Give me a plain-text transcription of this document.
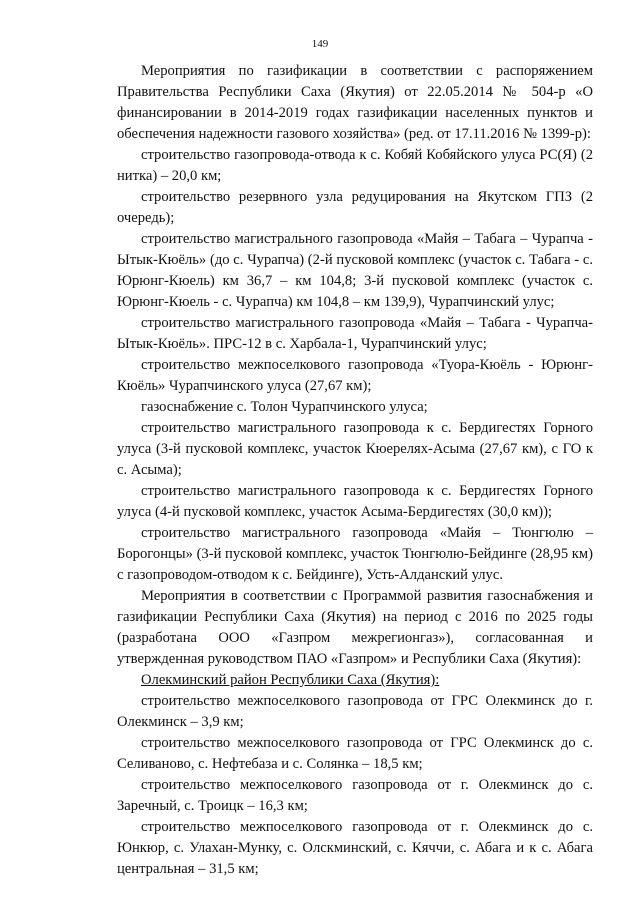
149

Мероприятия по газификации в соответствии с распоряжением Правительства Республики Саха (Якутия) от 22.05.2014 № 504-р «О финансировании в 2014-2019 годах газификации населенных пунктов и обеспечения надежности газового хозяйства» (ред. от 17.11.2016 № 1399-р):

строительство газопровода-отвода к с. Кобяй Кобяйского улуса РС(Я) (2 нитка) – 20,0 км;

строительство резервного узла редуцирования на Якутском ГПЗ (2 очередь);

строительство магистрального газопровода «Майя – Табага – Чурапча - Ытык-Кюёль» (до с. Чурапча) (2-й пусковой комплекс (участок с. Табага - с. Юрюнг-Кюель) км 36,7 – км 104,8; 3-й пусковой комплекс (участок с. Юрюнг-Кюель - с. Чурапча) км 104,8 – км 139,9), Чурапчинский улус;

строительство магистрального газопровода «Майя – Табага - Чурапча-Ытык-Кюёль». ПРС-12 в с. Харбала-1, Чурапчинский улус;

строительство межпоселкового газопровода «Туора-Кюёль - Юрюнг-Кюёль» Чурапчинского улуса (27,67 км);

газоснабжение с. Толон Чурапчинского улуса;

строительство магистрального газопровода к с. Бердигестях Горного улуса (3-й пусковой комплекс, участок Кюерелях-Асыма (27,67 км), с ГО к с. Асыма);

строительство магистрального газопровода к с. Бердигестях Горного улуса (4-й пусковой комплекс, участок Асыма-Бердигестях (30,0 км));

строительство магистрального газопровода «Майя – Тюнгюлю – Борогонцы» (3-й пусковой комплекс, участок Тюнгюлю-Бейдинге (28,95 км) с газопроводом-отводом к с. Бейдинге), Усть-Алданский улус.

Мероприятия в соответствии с Программой развития газоснабжения и газификации Республики Саха (Якутия) на период с 2016 по 2025 годы (разработана ООО «Газпром межрегионгаз»), согласованная и утвержденная руководством ПАО «Газпром» и Республики Саха (Якутия):

Олекминский район Республики Саха (Якутия):

строительство межпоселкового газопровода от ГРС Олекминск до г. Олекминск – 3,9 км;

строительство межпоселкового газопровода от ГРС Олекминск до с. Селиваново, с. Нефтебаза и с. Солянка – 18,5 км;

строительство межпоселкового газопровода от г. Олекминск до с. Заречный, с. Троицк – 16,3 км;

строительство межпоселкового газопровода от г. Олекминск до с. Юнкюр, с. Улахан-Мунку, с. Олскминский, с. Кяччи, с. Абага и к с. Абага центральная – 31,5 км;
